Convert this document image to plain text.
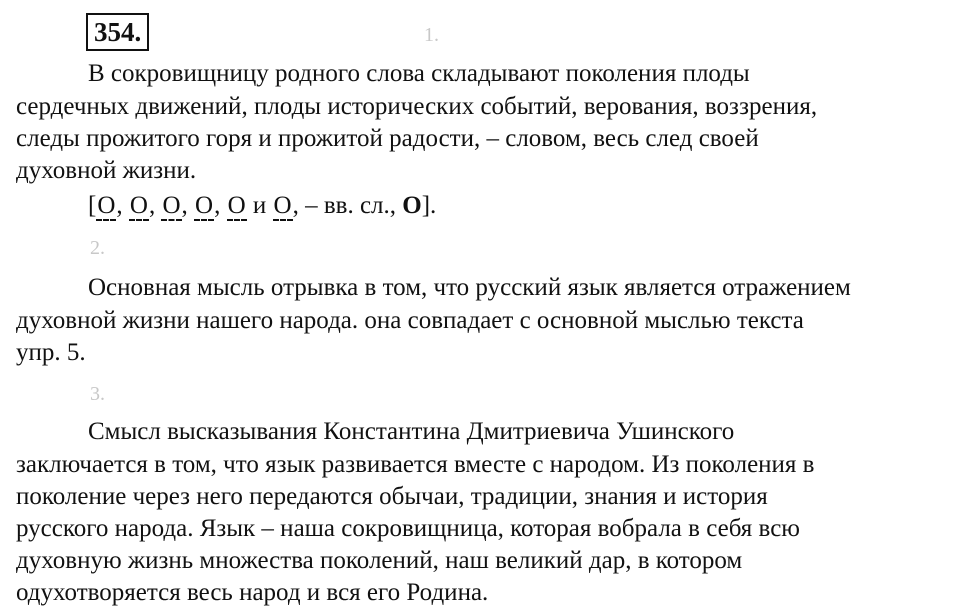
354.	1.
В сокровищницу родного слова складывают поколения плоды
сердечных движений, плоды исторических событий, верования, воззрения,
следы прожитого горя и прожитой радости, – словом, весь след своей
духовной жизни.
[О, О, О, О, О и О, – вв. сл., О].
2.
Основная мысль отрывка в том, что русский язык является отражением
духовной жизни нашего народа. она совпадает с основной мыслью текста
упр. 5.
3.
Смысл высказывания Константина Дмитриевича Ушинского
заключается в том, что язык развивается вместе с народом. Из поколения в
поколение через него передаются обычаи, традиции, знания и история
русского народа. Язык – наша сокровищница, которая вобрала в себя всю
духовную жизнь множества поколений, наш великий дар, в котором
одухотворяется весь народ и вся его Родина.
